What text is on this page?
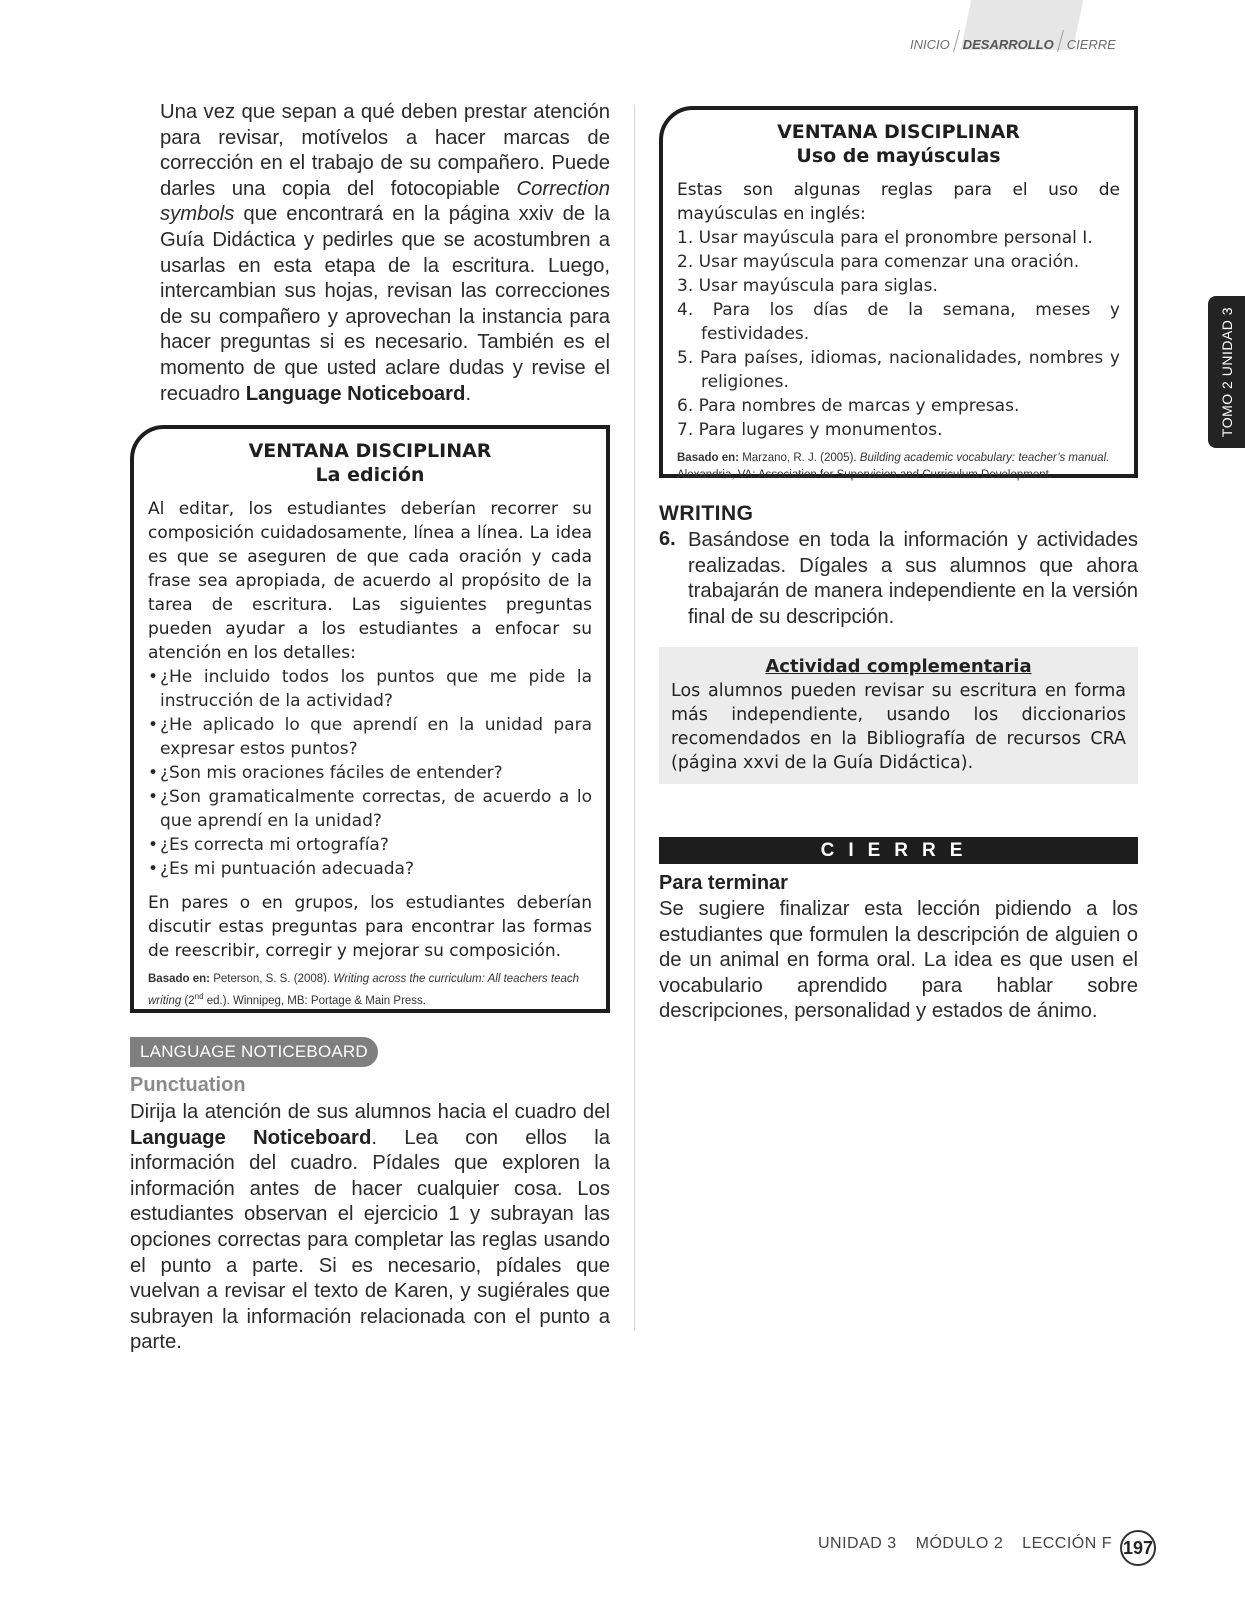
INICIO DESARROLLO CIERRE
TOMO 2 UNIDAD 3

Una vez que sepan a qué deben prestar atención para revisar, motívelos a hacer marcas de corrección en el trabajo de su compañero. Puede darles una copia del fotocopiable Correction symbols que encontrará en la página xxiv de la Guía Didáctica y pedirles que se acostumbren a usarlas en esta etapa de la escritura. Luego, intercambian sus hojas, revisan las correcciones de su compañero y aprovechan la instancia para hacer preguntas si es necesario. También es el momento de que usted aclare dudas y revise el recuadro Language Noticeboard.

VENTANA DISCIPLINAR

La edición

Al editar, los estudiantes deberían recorrer su composición cuidadosamente, línea a línea. La idea es que se aseguren de que cada oración y cada frase sea apropiada, de acuerdo al propósito de la tarea de escritura. Las siguientes preguntas pueden ayudar a los estudiantes a enfocar su atención en los detalles:

• ¿He incluido todos los puntos que me pide la instrucción de la actividad?
• ¿He aplicado lo que aprendí en la unidad para expresar estos puntos?
• ¿Son mis oraciones fáciles de entender?
• ¿Son gramaticalmente correctas, de acuerdo a lo que aprendí en la unidad?
• ¿Es correcta mi ortografía?
• ¿Es mi puntuación adecuada?

En pares o en grupos, los estudiantes deberían discutir estas preguntas para encontrar las formas de reescribir, corregir y mejorar su composición.

Basado en: Peterson, S. S. (2008). Writing across the curriculum: All teachers teach writing (2nd ed.). Winnipeg, MB: Portage & Main Press.

LANGUAGE NOTICEBOARD
Punctuation

Dirija la atención de sus alumnos hacia el cuadro del Language Noticeboard. Lea con ellos la información del cuadro. Pídales que exploren la información antes de hacer cualquier cosa. Los estudiantes observan el ejercicio 1 y subrayan las opciones correctas para completar las reglas usando el punto a parte. Si es necesario, pídales que vuelvan a revisar el texto de Karen, y sugiérales que subrayen la información relacionada con el punto a parte.

VENTANA DISCIPLINAR

Uso de mayúsculas

Estas son algunas reglas para el uso de mayúsculas en inglés:

1. Usar mayúscula para el pronombre personal I.
2. Usar mayúscula para comenzar una oración.
3. Usar mayúscula para siglas.
4. Para los días de la semana, meses y festividades.
5. Para países, idiomas, nacionalidades, nombres y religiones.
6. Para nombres de marcas y empresas.
7. Para lugares y monumentos.

Basado en: Marzano, R. J. (2005). Building academic vocabulary: teacher’s manual. Alexandria, VA: Association for Supervision and Curriculum Development.

WRITING
6. Basándose en toda la información y actividades realizadas. Dígales a sus alumnos que ahora trabajarán de manera independiente en la versión final de su descripción.

Actividad complementaria

Los alumnos pueden revisar su escritura en forma más independiente, usando los diccionarios recomendados en la Bibliografía de recursos CRA (página xxvi de la Guía Didáctica).

CIERRE
Para terminar

Se sugiere finalizar esta lección pidiendo a los estudiantes que formulen la descripción de alguien o de un animal en forma oral. La idea es que usen el vocabulario aprendido para hablar sobre descripciones, personalidad y estados de ánimo.

UNIDAD 3 MÓDULO 2 LECCIÓN F 197
